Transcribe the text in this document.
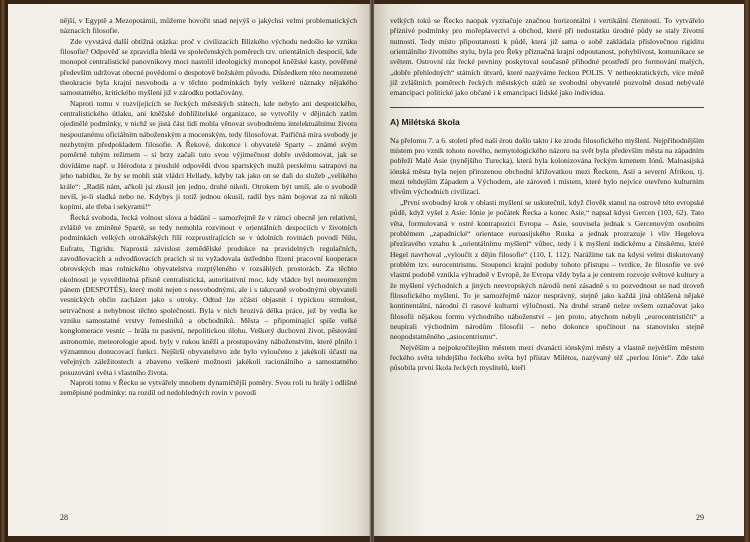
nější, v Egyptě a Mezopotámii, můžeme hovořit snad nejvýš o jakýchsi velmi problematických náznacích filosofie.

Zde vyvstává další obtížná otázka: proč v civilizacích Blízkého východu nedošlo ke vzniku filosofie? Odpověď se zpravidla hledá ve společenských poměrech tzv. orientálních despocií, kde monopol centralistické panovnikovy moci nastolil ideologický monopol kněžské kasty, pověřené především udržovat obecné povědomí o despotově božském původu. Důsledkem této neomezené theokracie byla krajní nesvoboda a v těchto podmínkách byly veškeré náznaky nějakého samostatného, kritického myšlení již v zárodku potlačovány.

Naproti tomu v rozvíjejících se řeckých městských státech, kde nebylo ani despotického, centralistického útlaku, ani kněžské dohlížitelské organizace, se vytvořily v dějinách zatím ojedinělé podmínky, v nichž se jistá část lidí mohla věnovat svobodnému intelektuálnímu životu nespoutanému oficiálním náboženským a mocenským, tedy filosofovat. Patřičná míra svobody je nezbytným předpokladem filosofie. A Řekové, dokonce i obyvatelé Sparty – známé svým poměrně tuhým režimem – si brzy začali tuto svou výjimečnost dobře uvědomovat, jak se dovídáme např. u Hérodota z proslulé odpovědi dvou spartských mužů perskému satrapovi na jeho nabídku, že by se mohli stát vládci Hellady, kdyby tak jako on se dali do služeb „velikého krále“: „Radíš nám, ačkoli jsi zkusil jen jedno, druhé nikoli. Otrokem být umíš, ale o svobodě nevíš, je-li sladká nebo ne. Kdybys ji totiž jednou okusil, radil bys nám bojovat za ni nikoli kopími, ale třeba i sekyrami!“

Řecká svoboda, řecká volnost slova a bádání – samozřejmě že v rámci obecně jen relativní, zvláště ve zmíněné Spartě, se tedy nemohla rozvinout v orientálních despociích v životních podmínkách velkých otrokářských říší rozprostírajících se v údolních rovinách povodí Nilu, Eufratu, Tigridu. Naprostá závislost zemědělské produkce na pravidelných regulačních, zavodňovacích a odvodňovacích pracích si tu vyžadovala ústřednho řízení pracovní kooperace obrovských mas rolnického obyvatelstva rozptýleného v rozsáhlých prostorách. Za těchto okolností je vysvětlitelná přísně centralistická, autoritativní moc, kdy vládce byl neomezeným pánem (DESPOTÉS), který mohl nejen s nesvobodnými, ale i s takzvaně svobodnými obyvateli vesnických občin zacházet jako s otroky. Odtud lze zčásti objasnit i typickou strnulost, setrvačnost a nehybnost těchto společností. Byla v nich hrozivá délka práce, jež by vedla ke vzniku samostatné vrstvy řemeslníků a obchodníků. Města – připomínající spíše velké konglomerace vesnic – hrála tu pasivní, nepolitickou úlohu. Veškerý duchovní život, pěstování astronomie, meteorologie apod. byly v rukou kněží a prostupovány náboženstvím, které plnilo i významnou donucovací funkci. Nejširší obyvatelstvo zde bylo vyloučeno z jakékoli účasti na veřejných záležitostech a zbaveno veškeré možnosti jakékoli racionálního a samostatného posuzování světa i vlastního života.

Naproti tomu v Řecku se vytvářely mnohem dynamičtější poměry. Svou roli tu hrály i odlišné zeměpisné podmínky: na rozdíl od nedohledných rovin v povodí

28

velkých toků se Řecko naopak vyznačuje značnou horizontální i vertikální členitostí. To vytvářelo příznivé podmínky pro mořeplavectví a obchod, které při nedostatku úrodné půdy se staly životní nutností. Tedy místo připoutanosti k půdě, která již sama o sobě zakládala příslovečnou rigiditu orientálního životního stylu, byla pro Řeky příznačná krajní odpoutanost, pohyblivost, komunikace se světem. Ostrovní ráz řecké pevniny poskytoval současně příhodné prostředí pro formování malých, „dobře přehledných“ státních útvarů, které nazýváme řeckou POLIS. V netheokratických, více méně již zvláštních poměrech řeckých městských států se svobodní obyvatelé pozvolně dosud nebývalé emancipaci politické jako občané i k emancipaci lidské jako individua.

A) Milétská škola

Na přelomu 7. a 6. století před naší érou došlo takto i ke zrodu filosofického myšlení. Nejpřihodnějším místem pro vznik tohoto nového, nemytologického názoru na svět byla především města na západním pobřeží Malé Asie (nynějšího Turecka), která byla kolonizována řeckým kmenem Iónů. Maloasijská iónská města byla nejen přirozenou obchodní křižovatkou mezi Řeckem, Asií a severní Afrikou, tj. mezi tehdejším Západem a Východem, ale zároveň i místem, které bylo nejvíce otevřeno kulturním vlivům východních civilizací.

„První svobodný krok v oblasti myšlení se uskutečnil, když člověk stanul na ostrově této evropské půdě, když vyšel z Asie: Iónie je počátek Řecka a konec Asie,“ napsal kdysi Gercen (103, 62). Tato věta, formulovaná v ostré kontrapozici Evropa – Asie, souvisela jednak s Gercenovým osobním problémem „zapadnické“ orientace euroasijského Ruska a jednak prozrazuje i vliv Hegelova přezíravého vztahu k „orientálnímu myšlení“ vůbec, tedy i k myšlení indickému a čínskému, které Hegel navrhoval „vyloučit z dějin filosofie“ (110, I. 112). Narážíme tak na kdysi velmi diskutovaný problém tzv. eurocentrismu. Stoupenci krajní podoby tohoto přístupu – tvrdíce, že filosofie ve své vlastní podobě vznikla výhradně v Evropě, že Evropa vždy byla a je centrem rozvoje světové kultury a že myšlení východních a jiných neevropských národů není zásadně s to pozvednout se nad úroveň filosofického myšlení. To je samozřejmě názor nesprávný, stejně jako každá jiná ohlášená nějaké kontinentální, národní či rasové kulturní výlučnosti. Na druhé straně nelze ovšem označovat jako filosofii nějakou formu východního náboženství – jen proto, abychom nebyli „eurocentrističtí“ a neupírali východním národům filosofii – nebo dokonce spočínout na stanovisku stejně neopodstatněného „asiocentrismu“.

Nejvěším a nejpokročilejším městem mezi dvanácti iónskými městy a vlastně největším městem řeckého světa tehdejšího řeckého světa byl přístav Milétos, nazývaný též „perlou Iónie“. Zde také působila první škola řeckých myslitelů, kteří

29
